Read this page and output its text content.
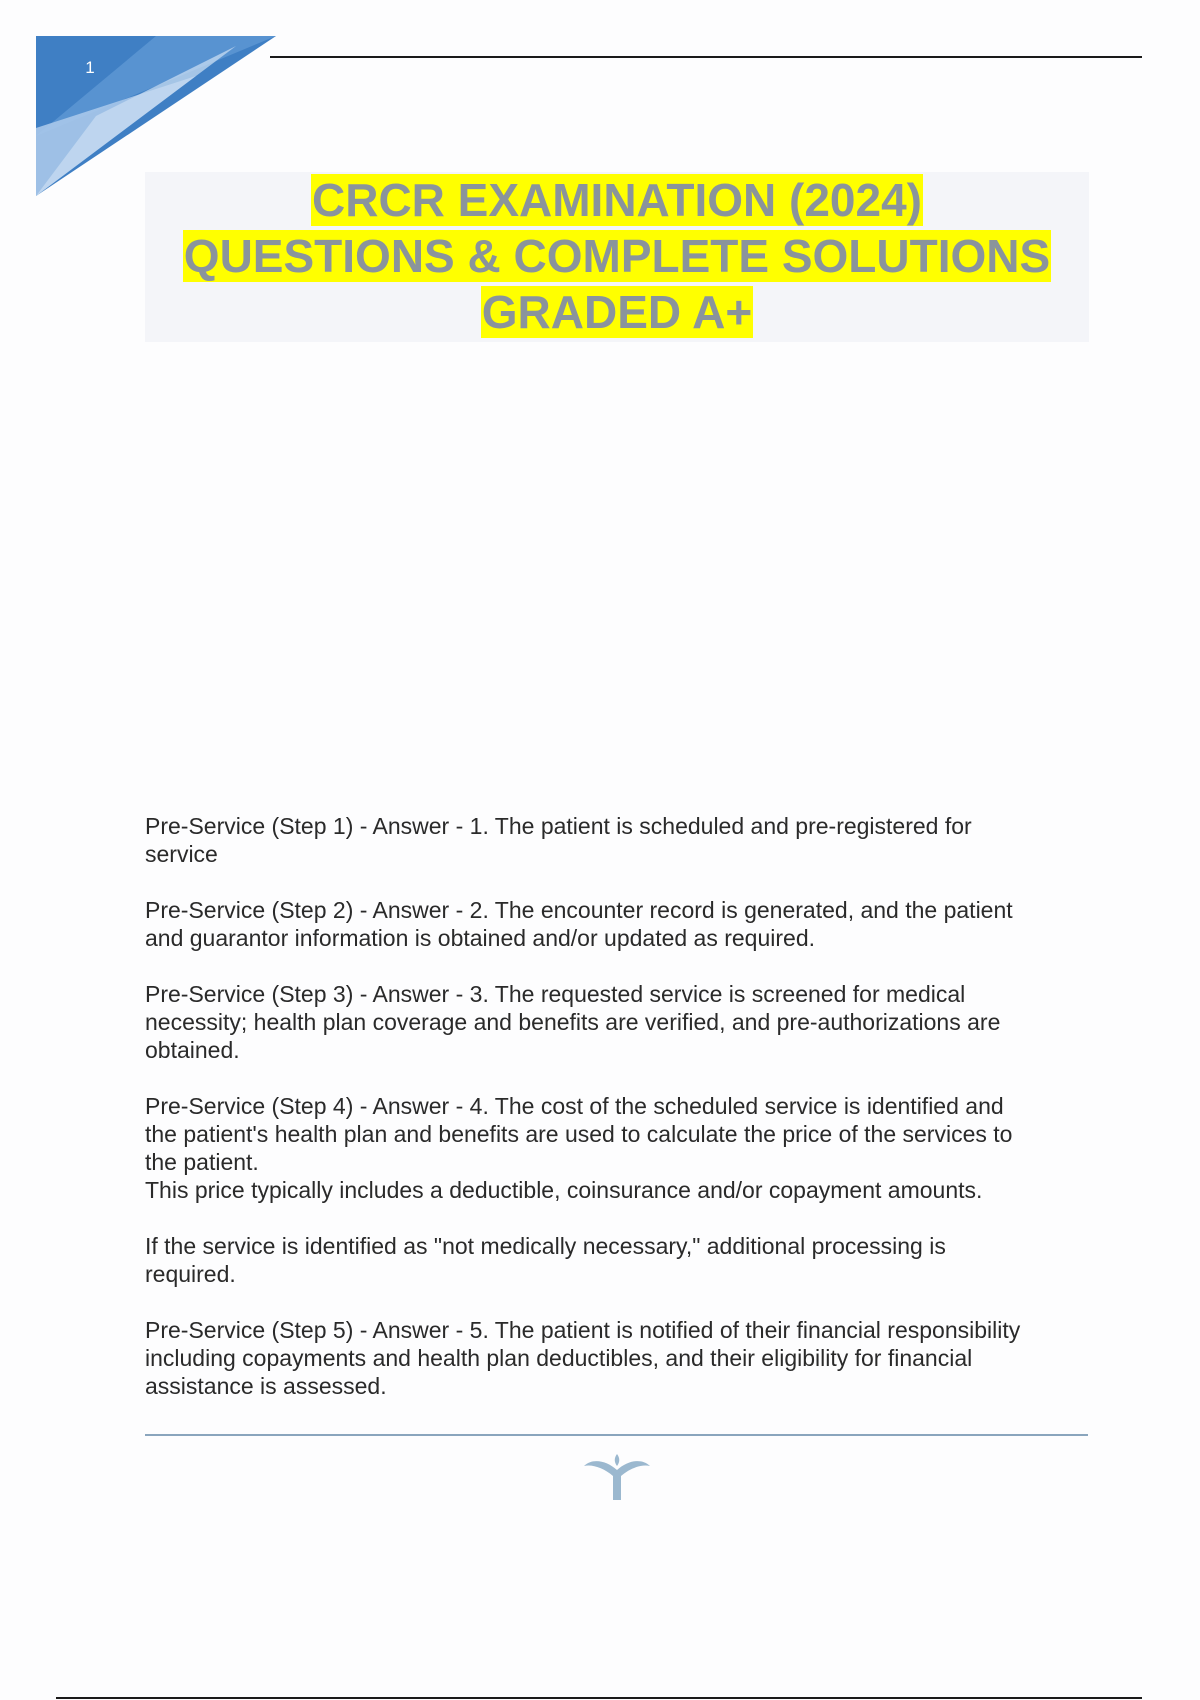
1
CRCR EXAMINATION (2024)
QUESTIONS & COMPLETE SOLUTIONS
GRADED A+
Pre-Service (Step 1) - Answer - 1. The patient is scheduled and pre-registered for
service
Pre-Service (Step 2) - Answer - 2. The encounter record is generated, and the patient
and guarantor information is obtained and/or updated as required.
Pre-Service (Step 3) - Answer - 3. The requested service is screened for medical
necessity; health plan coverage and benefits are verified, and pre-authorizations are
obtained.
Pre-Service (Step 4) - Answer - 4. The cost of the scheduled service is identified and
the patient's health plan and benefits are used to calculate the price of the services to
the patient.
This price typically includes a deductible, coinsurance and/or copayment amounts.
If the service is identified as "not medically necessary," additional processing is
required.
Pre-Service (Step 5) - Answer - 5. The patient is notified of their financial responsibility
including copayments and health plan deductibles, and their eligibility for financial
assistance is assessed.
